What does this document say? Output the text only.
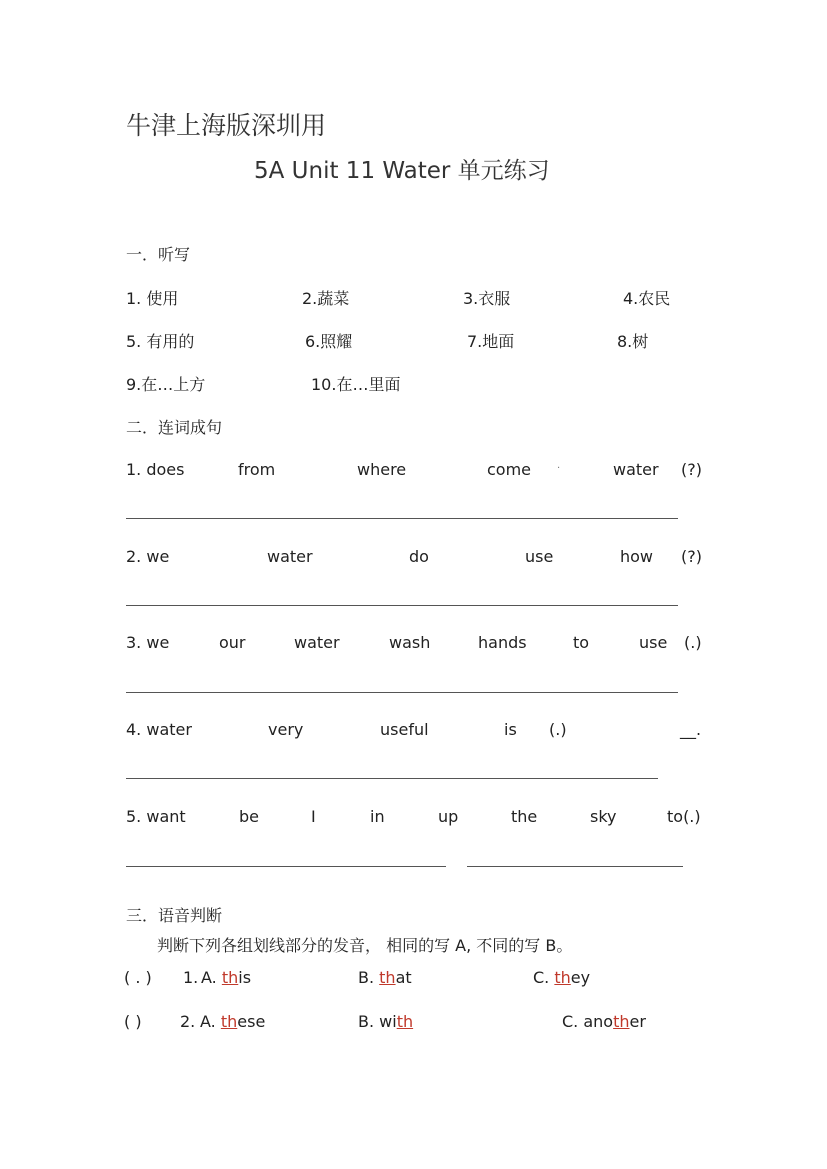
牛津上海版深圳用
5A Unit 11 Water 单元练习
一．听写
1. 使用	2.蔬菜	3.衣服	4.农民
5. 有用的	6.照耀	7.地面	8.树
9.在…上方	10.在…里面
二．连词成句
1. does	from	where	come	·	water (?)
2. we	water	do	use	how (?)
3. we	our	water	wash	hands	to	use (.)
4. water	very	useful	is (.)	__.
5. want	be	I	in	up	the	sky	to(.)
三．语音判断
判断下列各组划线部分的发音， 相同的写 A, 不同的写 B。
( . ) 1. A. this	B. that	C. they
( ) 2. A. these	B. with	C. another
